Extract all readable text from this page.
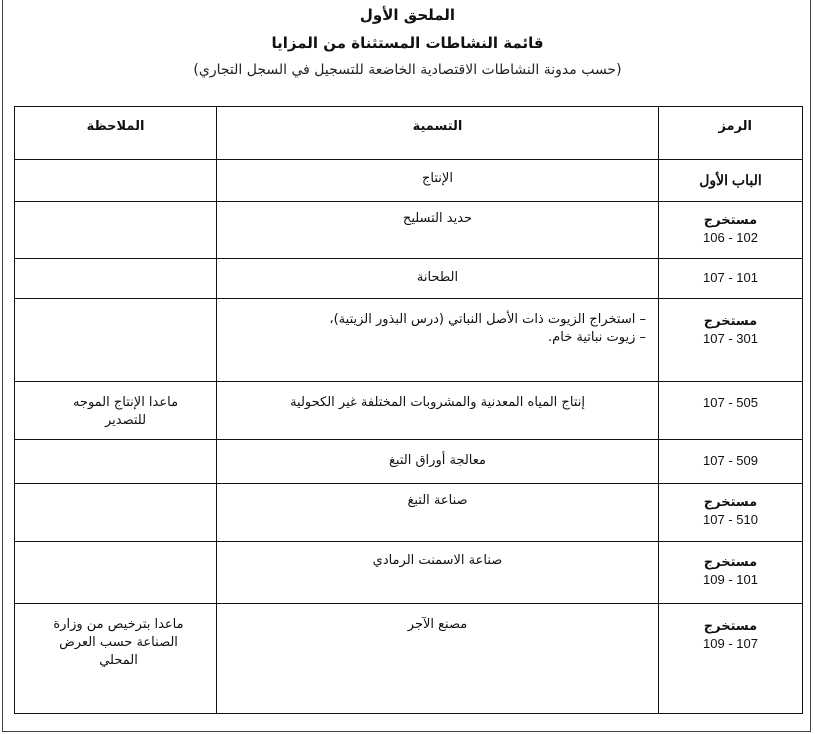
الملحق الأول
قائمة النشاطات المستثناة من المزايا
(حسب مدونة النشاطات الاقتصادية الخاضعة للتسجيل في السجل التجاري)
الرمز	التسمية	الملاحظة

الباب الأول	الإنتاج	

مستخرج
106 - 102	حديد التسليح	

107 - 101	الطحانة	

مستخرج
107 - 301	– استخراج الزيوت ذات الأصل النباتي (درس البذور الزيتية)،
– زيوت نباتية خام.	

107 - 505	إنتاج المياه المعدنية والمشروبات المختلفة غير الكحولية	ماعدا الإنتاج الموجه للتصدير

107 - 509	معالجة أوراق التبغ	

مستخرج
107 - 510	صناعة التبغ	

مستخرج
109 - 101	صناعة الاسمنت الرمادي	

مستخرج
109 - 107	مصنع الآجر	ماعدا بترخيص من وزارة الصناعة حسب العرض المحلي
